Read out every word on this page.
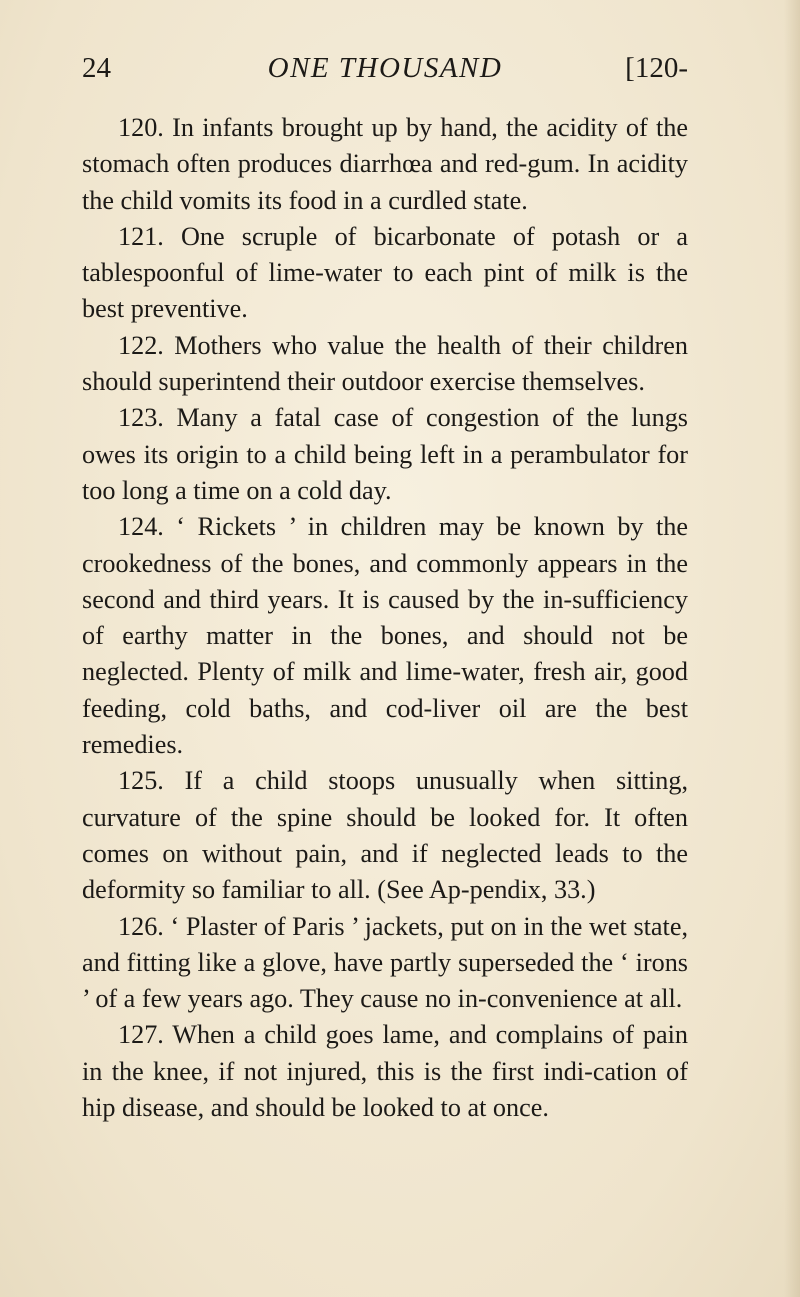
24	ONE THOUSAND	[120-

120. In infants brought up by hand, the acidity of the stomach often produces diarrhœa and red-gum. In acidity the child vomits its food in a curdled state.

121. One scruple of bicarbonate of potash or a tablespoonful of lime-water to each pint of milk is the best preventive.

122. Mothers who value the health of their children should superintend their outdoor exercise themselves.

123. Many a fatal case of congestion of the lungs owes its origin to a child being left in a perambulator for too long a time on a cold day.

124. ‘ Rickets ’ in children may be known by the crookedness of the bones, and commonly appears in the second and third years. It is caused by the in-sufficiency of earthy matter in the bones, and should not be neglected. Plenty of milk and lime-water, fresh air, good feeding, cold baths, and cod-liver oil are the best remedies.

125. If a child stoops unusually when sitting, curvature of the spine should be looked for. It often comes on without pain, and if neglected leads to the deformity so familiar to all. (See Ap-pendix, 33.)

126. ‘ Plaster of Paris ’ jackets, put on in the wet state, and fitting like a glove, have partly superseded the ‘ irons ’ of a few years ago. They cause no in-convenience at all.

127. When a child goes lame, and complains of pain in the knee, if not injured, this is the first indi-cation of hip disease, and should be looked to at once.
